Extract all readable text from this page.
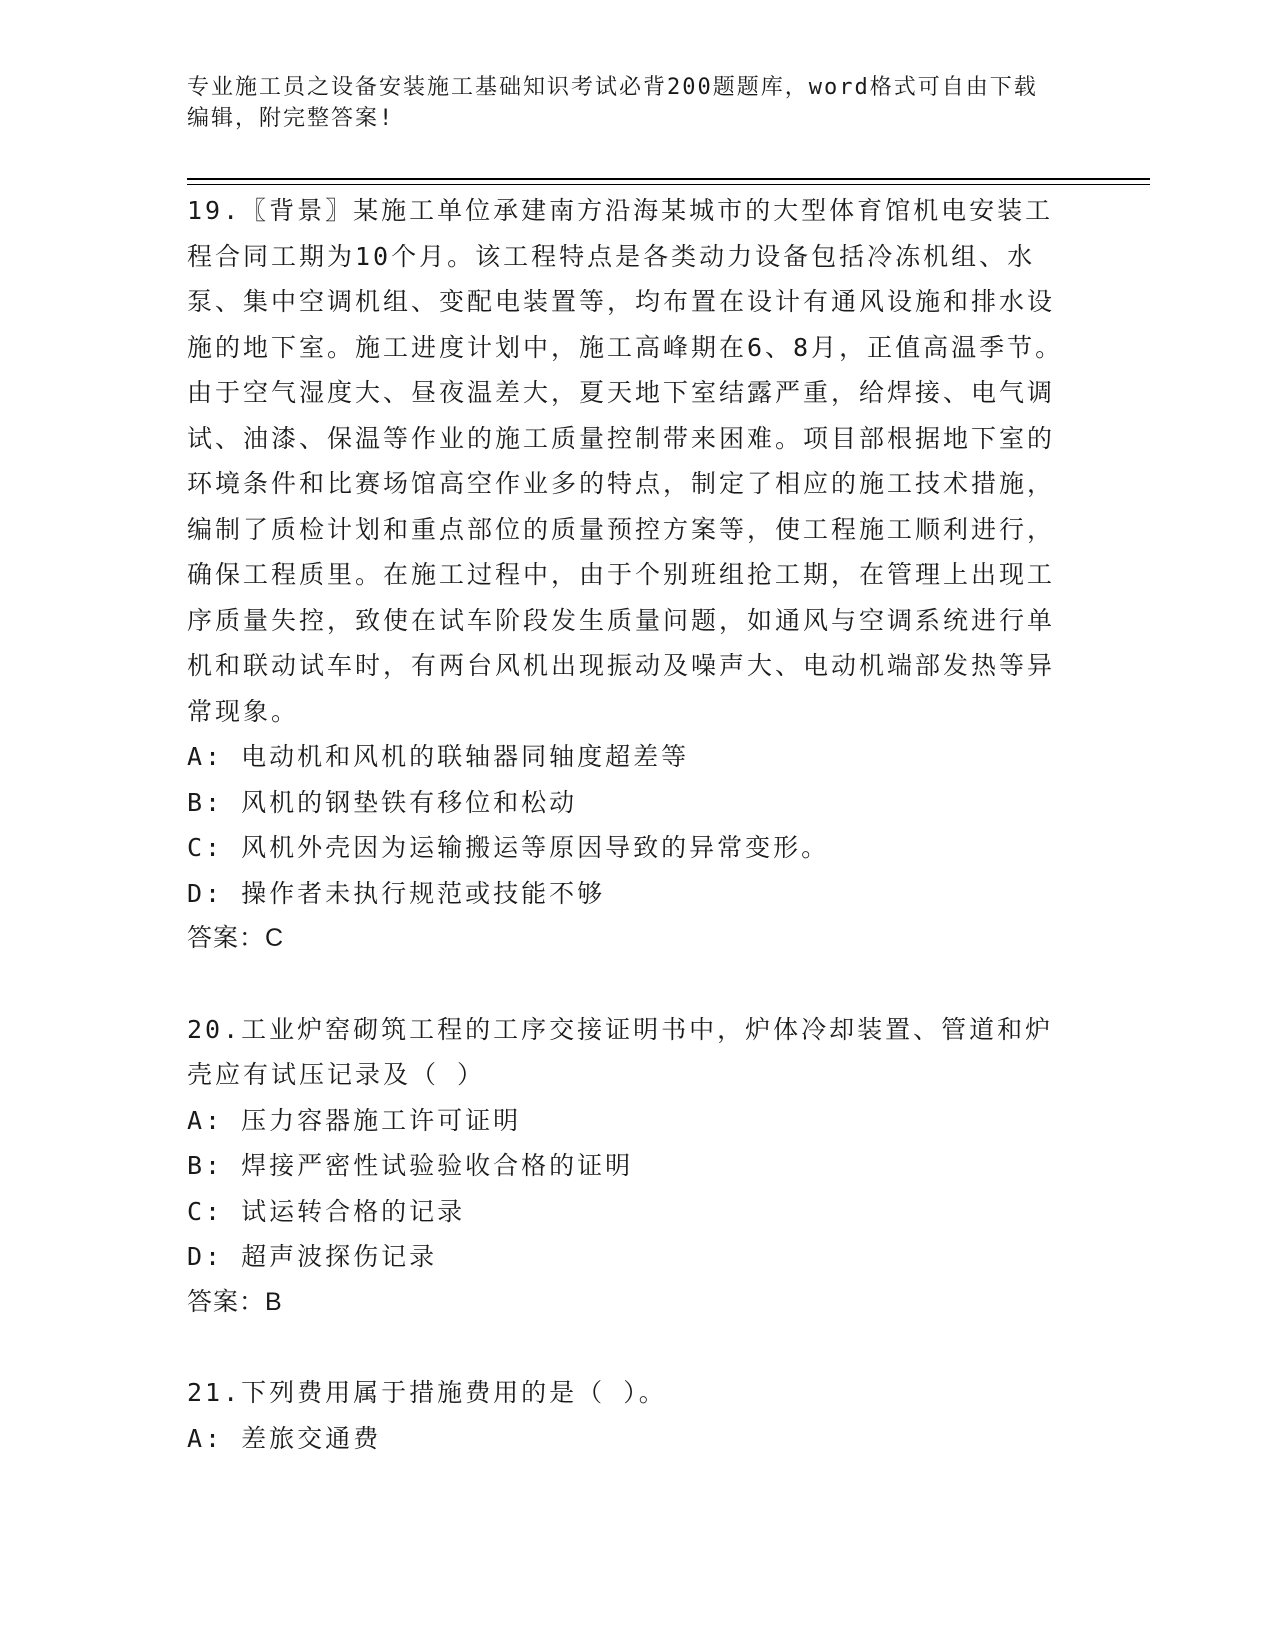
专业施工员之设备安装施工基础知识考试必背200题题库，word格式可自由下载
编辑，附完整答案!

19.〖背景〗某施工单位承建南方沿海某城市的大型体育馆机电安装工程合同工期为10个月。该工程特点是各类动力设备包括冷冻机组、水泵、集中空调机组、变配电装置等，均布置在设计有通风设施和排水设施的地下室。施工进度计划中，施工高峰期在6、8月，正值高温季节。由于空气湿度大、昼夜温差大，夏天地下室结露严重，给焊接、电气调试、油漆、保温等作业的施工质量控制带来困难。项目部根据地下室的环境条件和比赛场馆高空作业多的特点，制定了相应的施工技术措施，编制了质检计划和重点部位的质量预控方案等，使工程施工顺利进行，确保工程质里。在施工过程中，由于个别班组抢工期，在管理上出现工序质量失控，致使在试车阶段发生质量问题，如通风与空调系统进行单机和联动试车时，有两台风机出现振动及噪声大、电动机端部发热等异常现象。

A: 电动机和风机的联轴器同轴度超差等

B: 风机的钢垫铁有移位和松动

C: 风机外壳因为运输搬运等原因导致的异常变形。

D: 操作者未执行规范或技能不够

答案：C

20.工业炉窑砌筑工程的工序交接证明书中，炉体冷却装置、管道和炉壳应有试压记录及（ ）

A: 压力容器施工许可证明

B: 焊接严密性试验验收合格的证明

C: 试运转合格的记录

D: 超声波探伤记录

答案：B

21.下列费用属于措施费用的是（ ）。

A: 差旅交通费
